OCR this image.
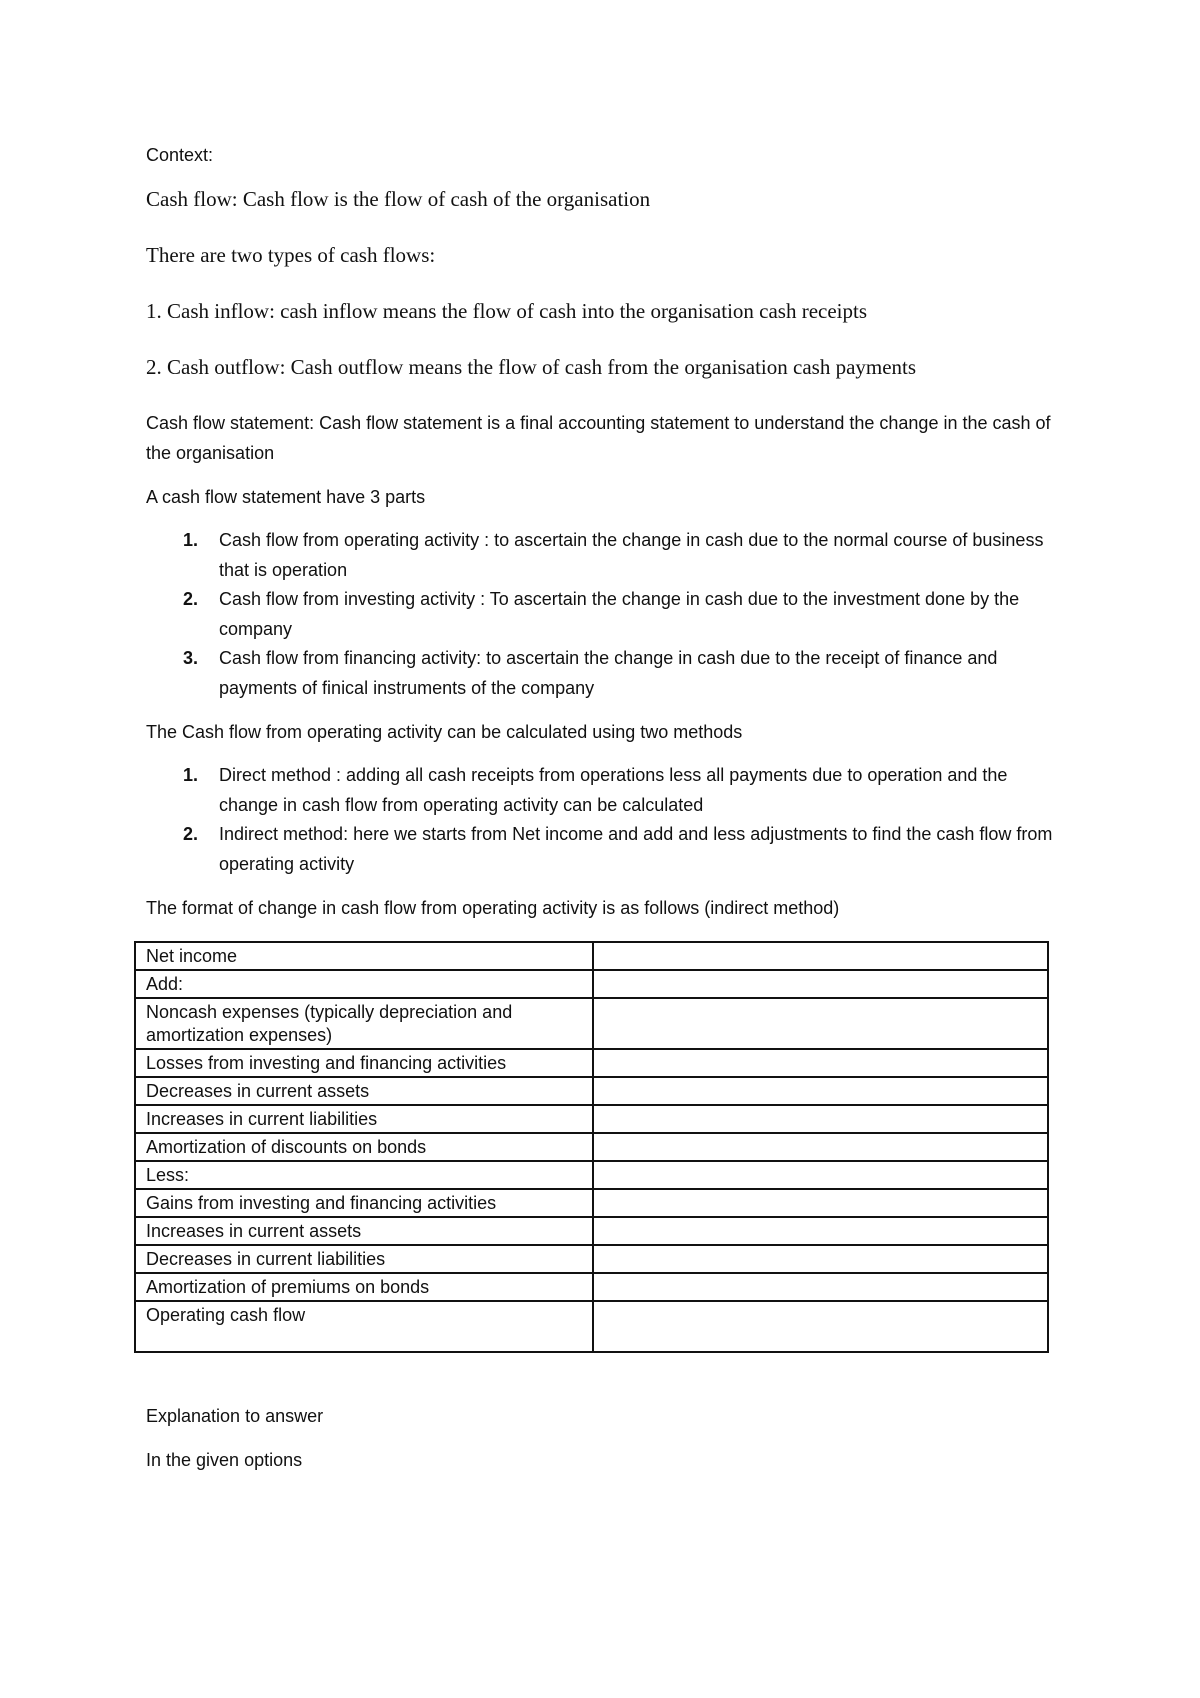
Context:

Cash flow: Cash flow is the flow of cash of the organisation

There are two types of cash flows:

1. Cash inflow: cash inflow means the flow of cash into the organisation cash receipts

2. Cash outflow: Cash outflow means the flow of cash from the organisation cash payments

Cash flow statement: Cash flow statement is a final accounting statement to understand the change in the cash of the organisation

A cash flow statement have 3 parts

1. Cash flow from operating activity : to ascertain the change in cash due to the normal course of business that is operation
2. Cash flow from investing activity : To ascertain the change in cash due to the investment done by the company
3. Cash flow from financing activity: to ascertain the change in cash due to the receipt of finance and payments of finical instruments of the company

The Cash flow from operating activity can be calculated using two methods

1. Direct method : adding all cash receipts from operations less all payments due to operation and the change in cash flow from operating activity can be calculated
2. Indirect method: here we starts from Net income and add and less adjustments to find the cash flow from operating activity

The format of change in cash flow from operating activity is as follows (indirect method)

Net income	
Add:	
Noncash expenses (typically depreciation and amortization expenses)	
Losses from investing and financing activities	
Decreases in current assets	
Increases in current liabilities	
Amortization of discounts on bonds	
Less:	
Gains from investing and financing activities	
Increases in current assets	
Decreases in current liabilities	
Amortization of premiums on bonds	
Operating cash flow	

Explanation to answer

In the given options
